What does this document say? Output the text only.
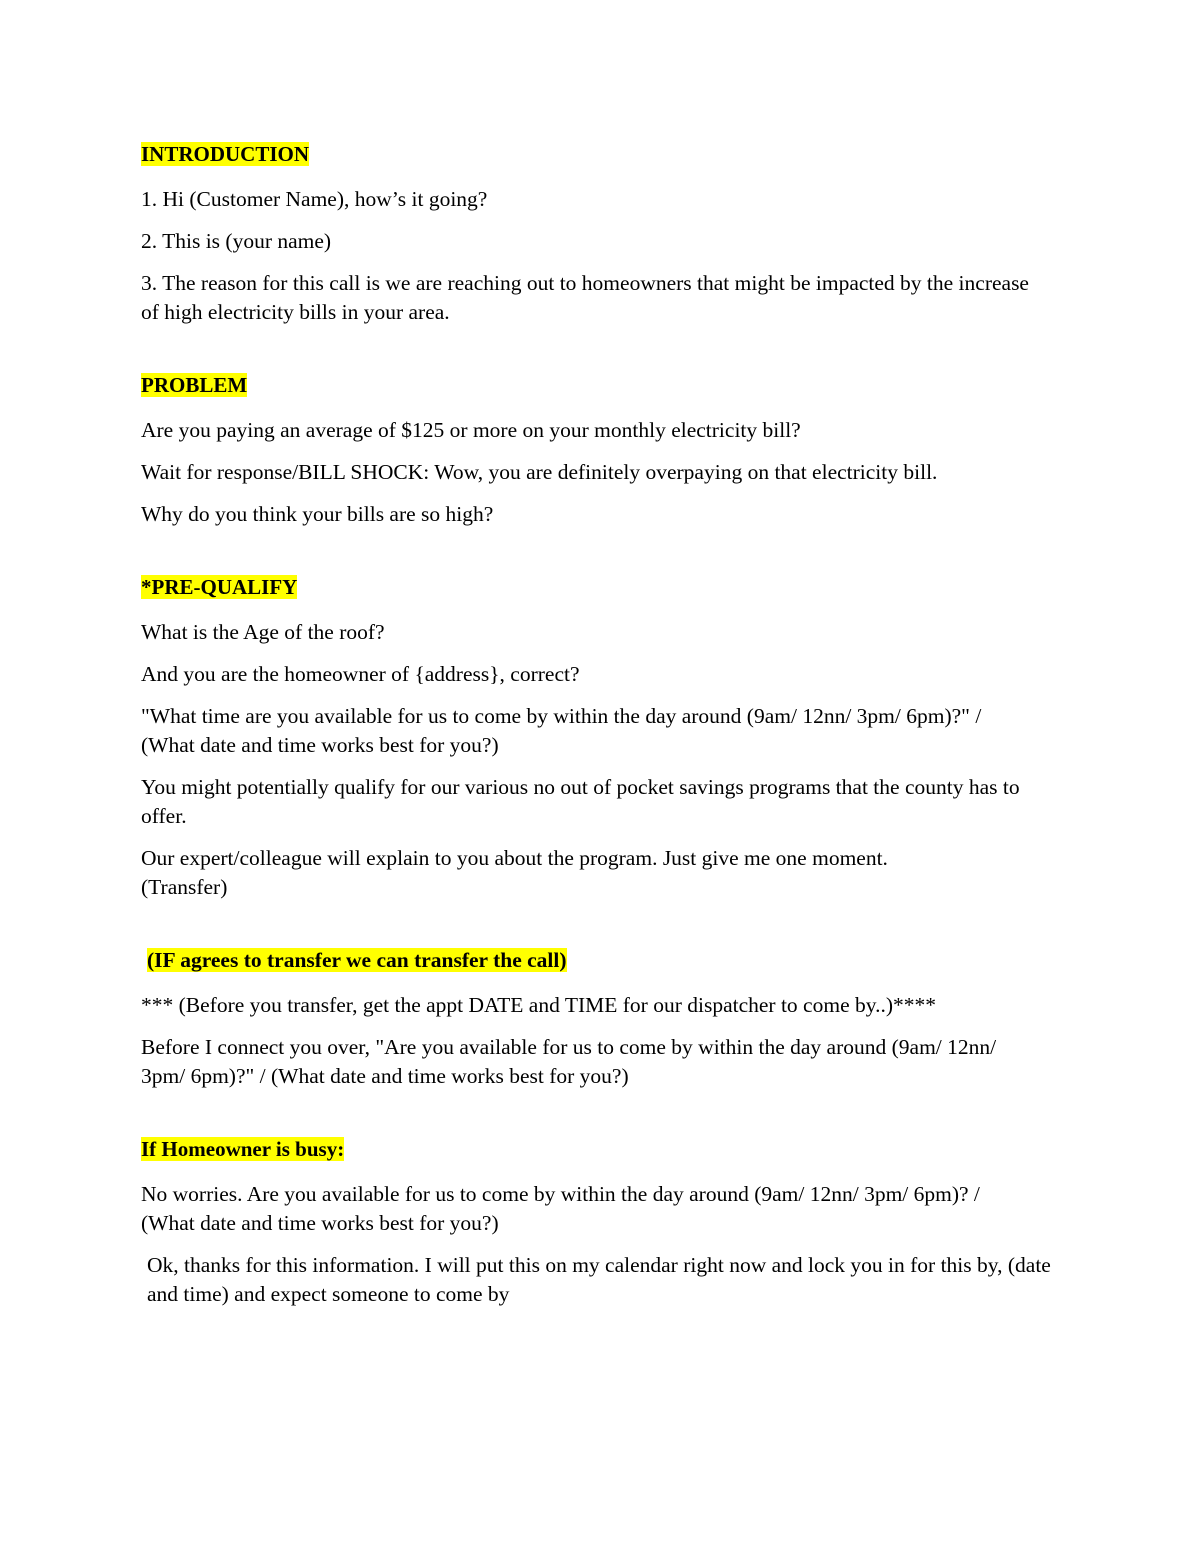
INTRODUCTION

1. Hi (Customer Name), how’s it going?

2. This is (your name)

3. The reason for this call is we are reaching out to homeowners that might be impacted by the increase of high electricity bills in your area.

PROBLEM

Are you paying an average of $125 or more on your monthly electricity bill?

Wait for response/BILL SHOCK: Wow, you are definitely overpaying on that electricity bill.

Why do you think your bills are so high?

*PRE-QUALIFY

What is the Age of the roof?

And you are the homeowner of {address}, correct?

"What time are you available for us to come by within the day around (9am/ 12nn/ 3pm/ 6pm)?" / (What date and time works best for you?)

You might potentially qualify for our various no out of pocket savings programs that the county has to offer.

Our expert/colleague will explain to you about the program. Just give me one moment. (Transfer)

(IF agrees to transfer we can transfer the call)

*** (Before you transfer, get the appt DATE and TIME for our dispatcher to come by..)****

Before I connect you over, "Are you available for us to come by within the day around (9am/ 12nn/ 3pm/ 6pm)?" / (What date and time works best for you?)

If Homeowner is busy:

No worries. Are you available for us to come by within the day around (9am/ 12nn/ 3pm/ 6pm)? / (What date and time works best for you?)

Ok, thanks for this information. I will put this on my calendar right now and lock you in for this by, (date and time) and expect someone to come by
